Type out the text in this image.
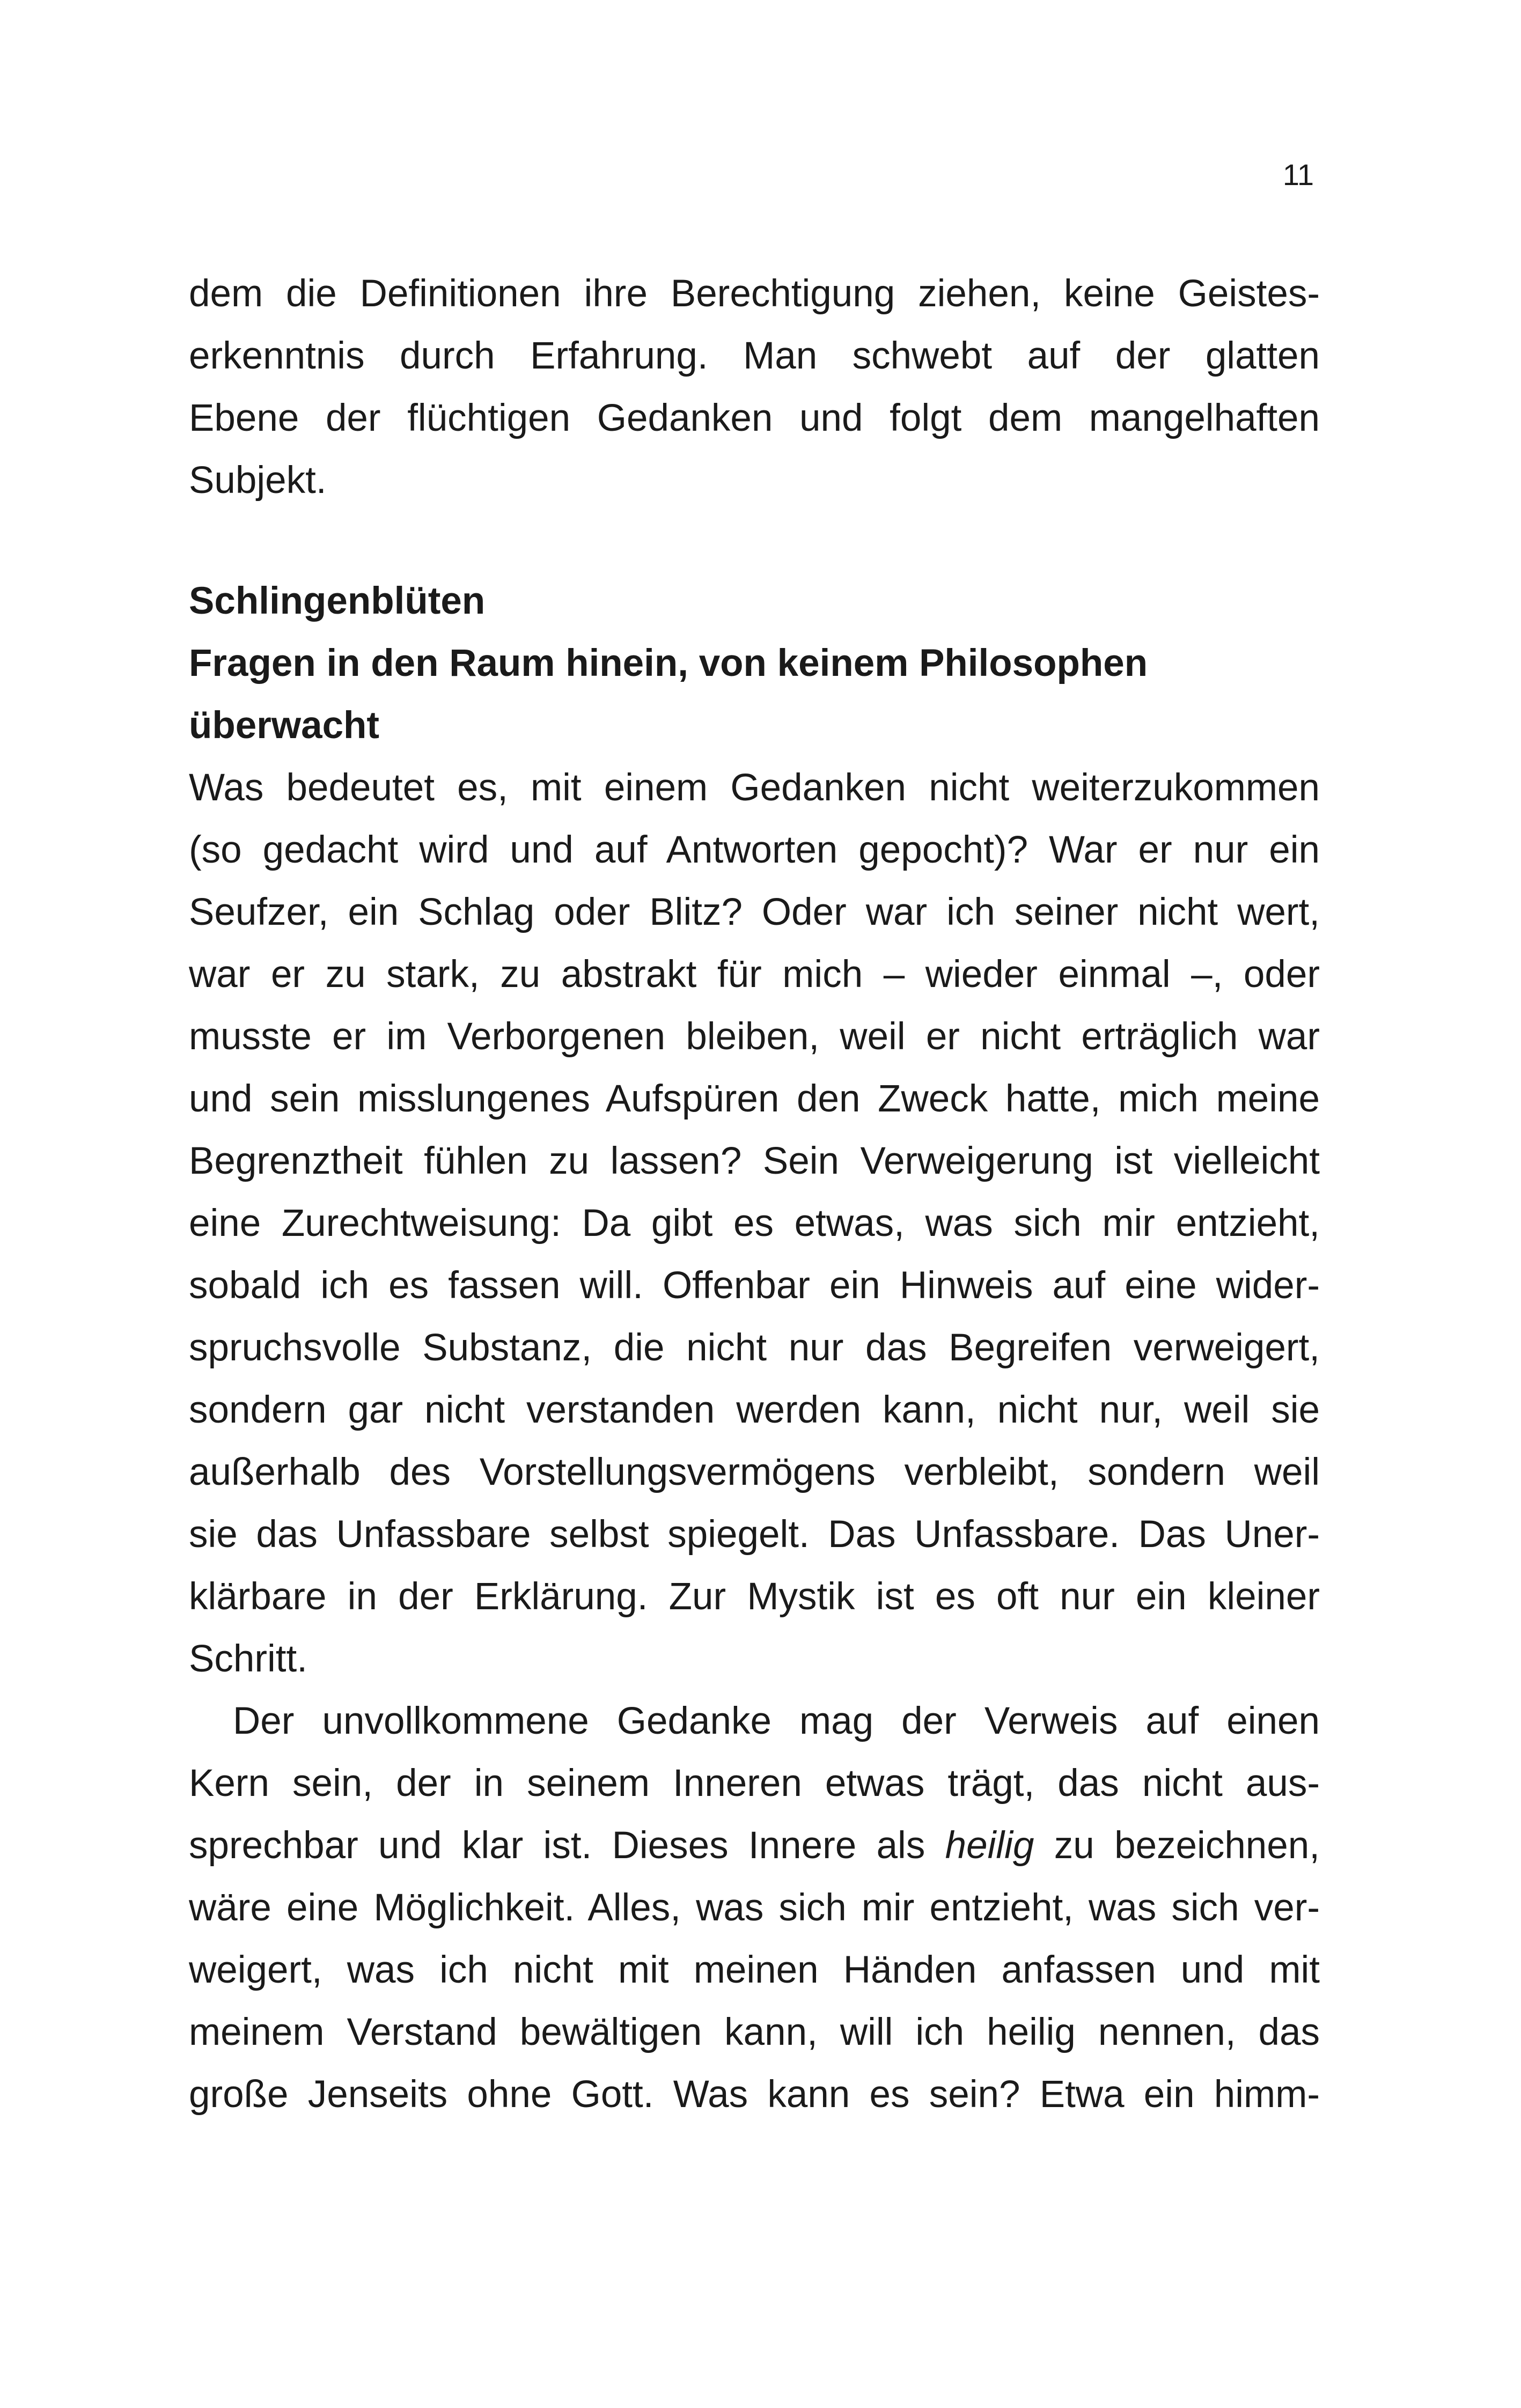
11
dem die Definitionen ihre Berechtigung ziehen, keine Geistes-
erkenntnis durch Erfahrung. Man schwebt auf der glatten
Ebene der flüchtigen Gedanken und folgt dem mangelhaften
Subjekt.
Schlingenblüten
Fragen in den Raum hinein, von keinem Philosophen
überwacht
Was bedeutet es, mit einem Gedanken nicht weiterzukommen
(so gedacht wird und auf Antworten gepocht)? War er nur ein
Seufzer, ein Schlag oder Blitz? Oder war ich seiner nicht wert,
war er zu stark, zu abstrakt für mich – wieder einmal –, oder
musste er im Verborgenen bleiben, weil er nicht erträglich war
und sein misslungenes Aufspüren den Zweck hatte, mich meine
Begrenztheit fühlen zu lassen? Sein Verweigerung ist vielleicht
eine Zurechtweisung: Da gibt es etwas, was sich mir entzieht,
sobald ich es fassen will. Offenbar ein Hinweis auf eine wider-
spruchsvolle Substanz, die nicht nur das Begreifen verweigert,
sondern gar nicht verstanden werden kann, nicht nur, weil sie
außerhalb des Vorstellungsvermögens verbleibt, sondern weil
sie das Unfassbare selbst spiegelt. Das Unfassbare. Das Uner-
klärbare in der Erklärung. Zur Mystik ist es oft nur ein kleiner
Schritt.
Der unvollkommene Gedanke mag der Verweis auf einen
Kern sein, der in seinem Inneren etwas trägt, das nicht aus-
sprechbar und klar ist. Dieses Innere als heilig zu bezeichnen,
wäre eine Möglichkeit. Alles, was sich mir entzieht, was sich ver-
weigert, was ich nicht mit meinen Händen anfassen und mit
meinem Verstand bewältigen kann, will ich heilig nennen, das
große Jenseits ohne Gott. Was kann es sein? Etwa ein himm-
